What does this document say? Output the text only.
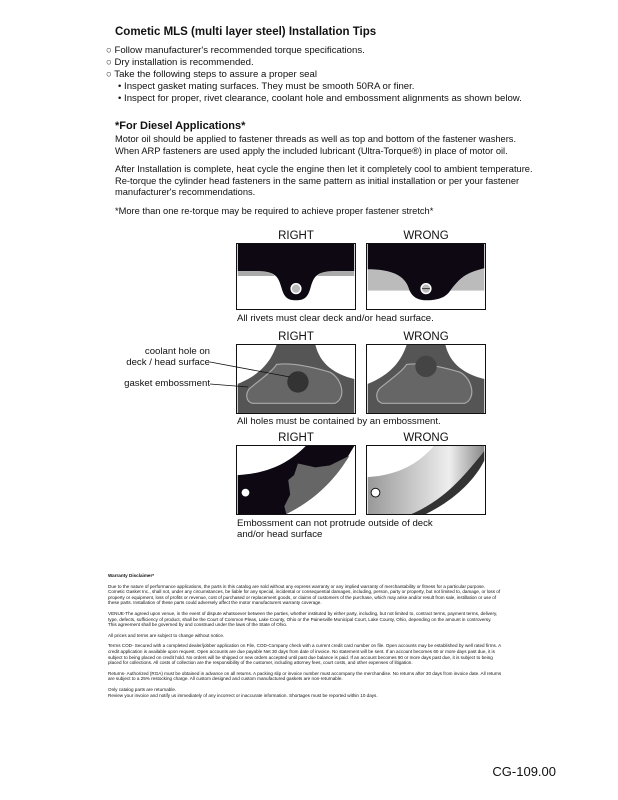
Cometic MLS (multi layer steel) Installation Tips
○ Follow manufacturer's recommended torque specifications.
○ Dry installation is recommended.
○ Take the following steps to assure a proper seal
• Inspect gasket mating surfaces. They must be smooth 50RA or finer.
• Inspect for proper, rivet clearance, coolant hole and embossment alignments as shown below.
*For Diesel Applications*
Motor oil should be applied to fastener threads as well as top and bottom of the fastener washers. When ARP fasteners are used apply the included lubricant (Ultra-Torque®) in place of motor oil.
After Installation is complete, heat cycle the engine then let it completely cool to ambient temperature. Re-torque the cylinder head fasteners in the same pattern as initial installation or per your fastener manufacturer's recommendations.
*More than one re-torque may be required to achieve proper fastener stretch*
RIGHT	WRONG
All rivets must clear deck and/or head surface.
RIGHT	WRONG
All holes must be contained by an embossment.
coolant hole on
deck / head surface
gasket embossment
RIGHT	WRONG
Embossment can not protrude outside of deck
and/or head surface

Warranty Disclaimer*

Due to the nature of performance applications, the parts in this catalog are sold without any express warranty or any implied warranty of merchantability or fitness for a particular purpose. Cometic Gasket Inc., shall not, under any circumstances, be liable for any special, incidental or consequential damages, including, person, party or property, but not limited to, damage, or loss of property or equipment, loss of profits or revenue, cost of purchased or replacement goods, or claims of customers of the purchase, which may arise and/or result from sale, instillation or use of these parts. Installation of these parts could adversely affect the motor manufacturers warranty coverage.

VENUE-The agreed upon venue, in the event of dispute whatsoever between the parties, whether instituted by either party, including, but not limited to, contract terms, payment terms, delivery, type, defects, sufficiency of product, shall be the Court of Common Pleas, Lake County, Ohio or the Painesville Municipal Court, Lake County, Ohio, depending on the amount in controversy.
This agreement shall be governed by and construed under the laws of the State of Ohio.

All prices and terms are subject to change without notice.

Terms COD- Secured with a completed dealer/jobber application on File, COD-Company check with a current credit card number on file. Open accounts may be established by well rated firms. A credit application is available upon request. Open accounts are due payable Net 30 days from date of invoice. No statement will be sent. If an account becomes 60 or more days past due, it is subject to being placed on credit hold. No orders will be shipped or new orders accepted until past due balance is paid. If an account becomes 90 or more days past due, it is subject to being placed for collections. All costs of collection are the responsibility of the customer, including attorney fees, court costs, and other expenses of litigation.

Returns- Authorized (RGA) must be obtained in advance on all returns. A packing slip or invoice number must accompany the merchandise. No returns after 30 days from invoice date. All returns are subject to a 25% restocking charge. All custom designed and custom manufactured gaskets are non-returnable.

Only catalog parts are returnable.
Review your invoice and notify us immediately of any incorrect or inaccurate information. Shortages must be reported within 10 days.

CG-109.00
